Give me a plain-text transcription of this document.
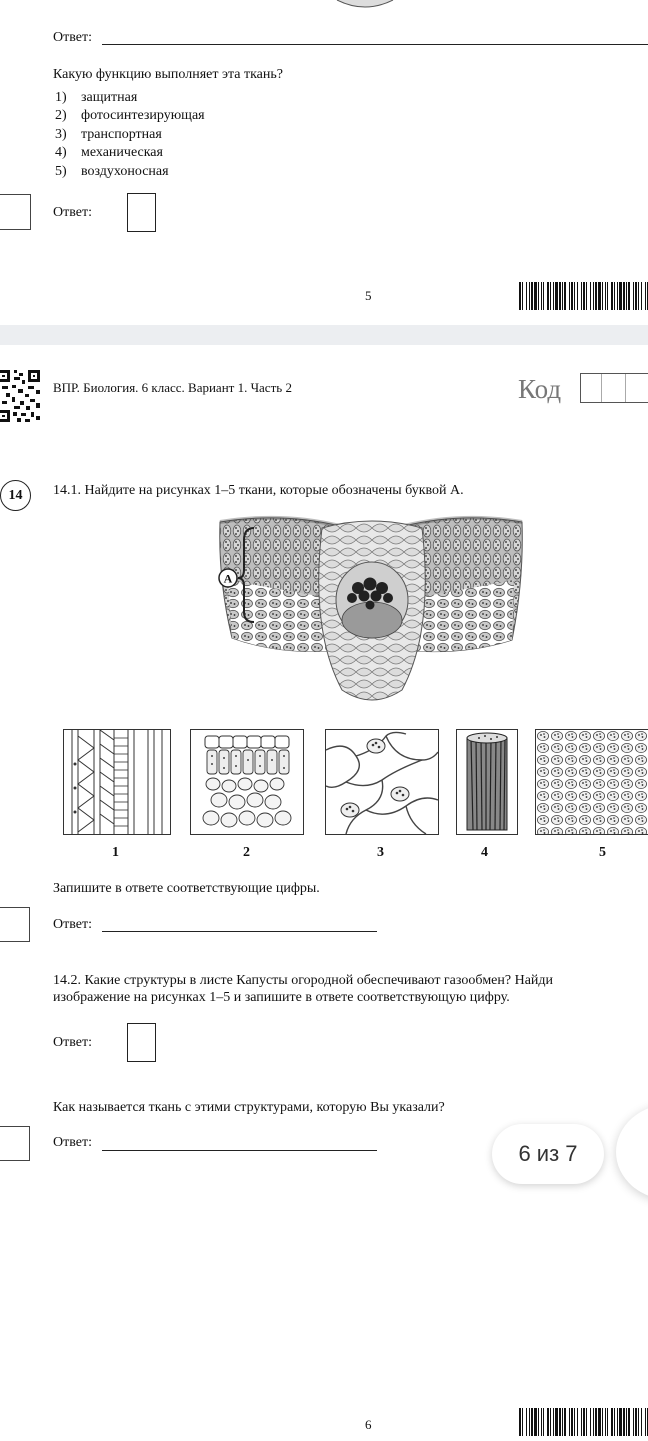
Ответ:
Какую функцию выполняет эта ткань?
1) защитная
2) фотосинтезирующая
3) транспортная
4) механическая
5) воздухоносная
Ответ:
5
ВПР. Биология. 6 класс. Вариант 1. Часть 2	Код
14	14.1. Найдите на рисунках 1–5 ткани, которые обозначены буквой А.
А
1	2	3	4	5
Запишите в ответе соответствующие цифры.
Ответ:
14.2. Какие структуры в листе Капусты огородной обеспечивают газообмен? Найди
изображение на рисунках 1–5 и запишите в ответе соответствующую цифру.
Ответ:
Как называется ткань с этими структурами, которую Вы указали?
Ответ:
6
6 из 7
